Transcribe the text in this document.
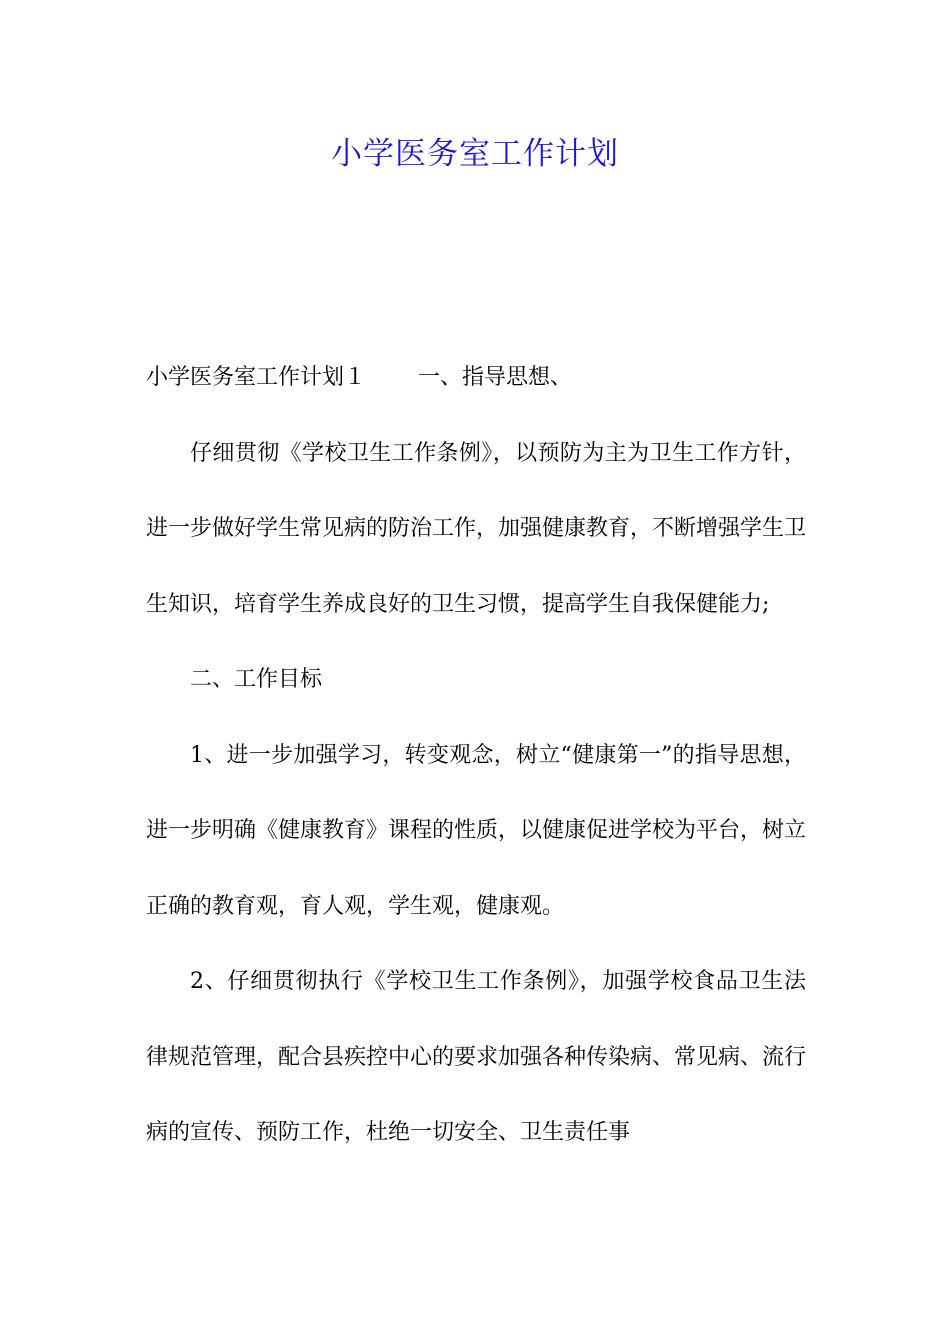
小学医务室工作计划

小学医务室工作计划１ 一、指导思想、

仔细贯彻《学校卫生工作条例》，以预防为主为卫生工作方针，进一步做好学生常见病的防治工作，加强健康教育，不断增强学生卫生知识，培育学生养成良好的卫生习惯，提高学生自我保健能力;

二、工作目标

1、进一步加强学习，转变观念，树立“健康第一”的指导思想，进一步明确《健康教育》课程的性质，以健康促进学校为平台，树立正确的教育观，育人观，学生观，健康观。

2、仔细贯彻执行《学校卫生工作条例》，加强学校食品卫生法律规范管理，配合县疾控中心的要求加强各种传染病、常见病、流行病的宣传、预防工作，杜绝一切安全、卫生责任事
